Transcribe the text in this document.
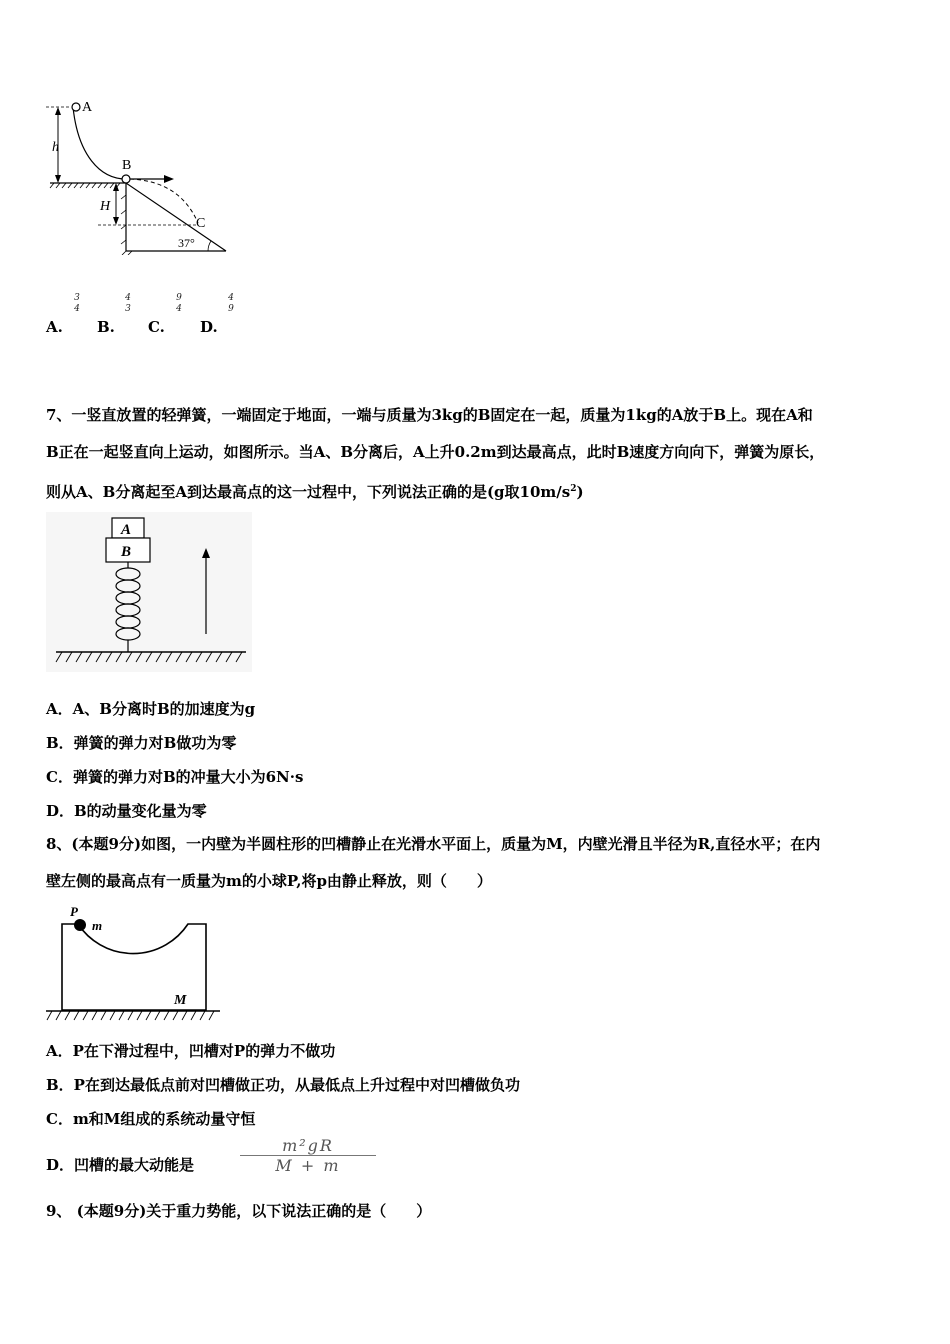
A
h
B
H
C
37°
A.
3
4
B.
4
3
C.
9
4
D.
4
9
7、一竖直放置的轻弹簧，一端固定于地面，一端与质量为3kg的B固定在一起，质量为1kg的A放于B上。现在A和
B正在一起竖直向上运动，如图所示。当A、B分离后，A上升0.2m到达最高点，此时B速度方向向下，弹簧为原长，
则从A、B分离起至A到达最高点的这一过程中，下列说法正确的是(g取$10m/s^2$)
A
B
A．A、B分离时B的加速度为g
B．弹簧的弹力对B做功为零
C．弹簧的弹力对B的冲量大小为6N·s
D．B的动量变化量为零
8、(本题9分)如图，一内壁为半圆柱形的凹槽静止在光滑水平面上，质量为M，内壁光滑且半径为R,直径水平；在内
壁左侧的最高点有一质量为m的小球P,将p由静止释放，则（　　）
P
m
M
A．P在下滑过程中，凹槽对P的弹力不做功
B．P在到达最低点前对凹槽做正功，从最低点上升过程中对凹槽做负功
C．m和M组成的系统动量守恒
D．凹槽的最大动能是
m²gR
M + m
9、 (本题9分)关于重力势能，以下说法正确的是（　　）
